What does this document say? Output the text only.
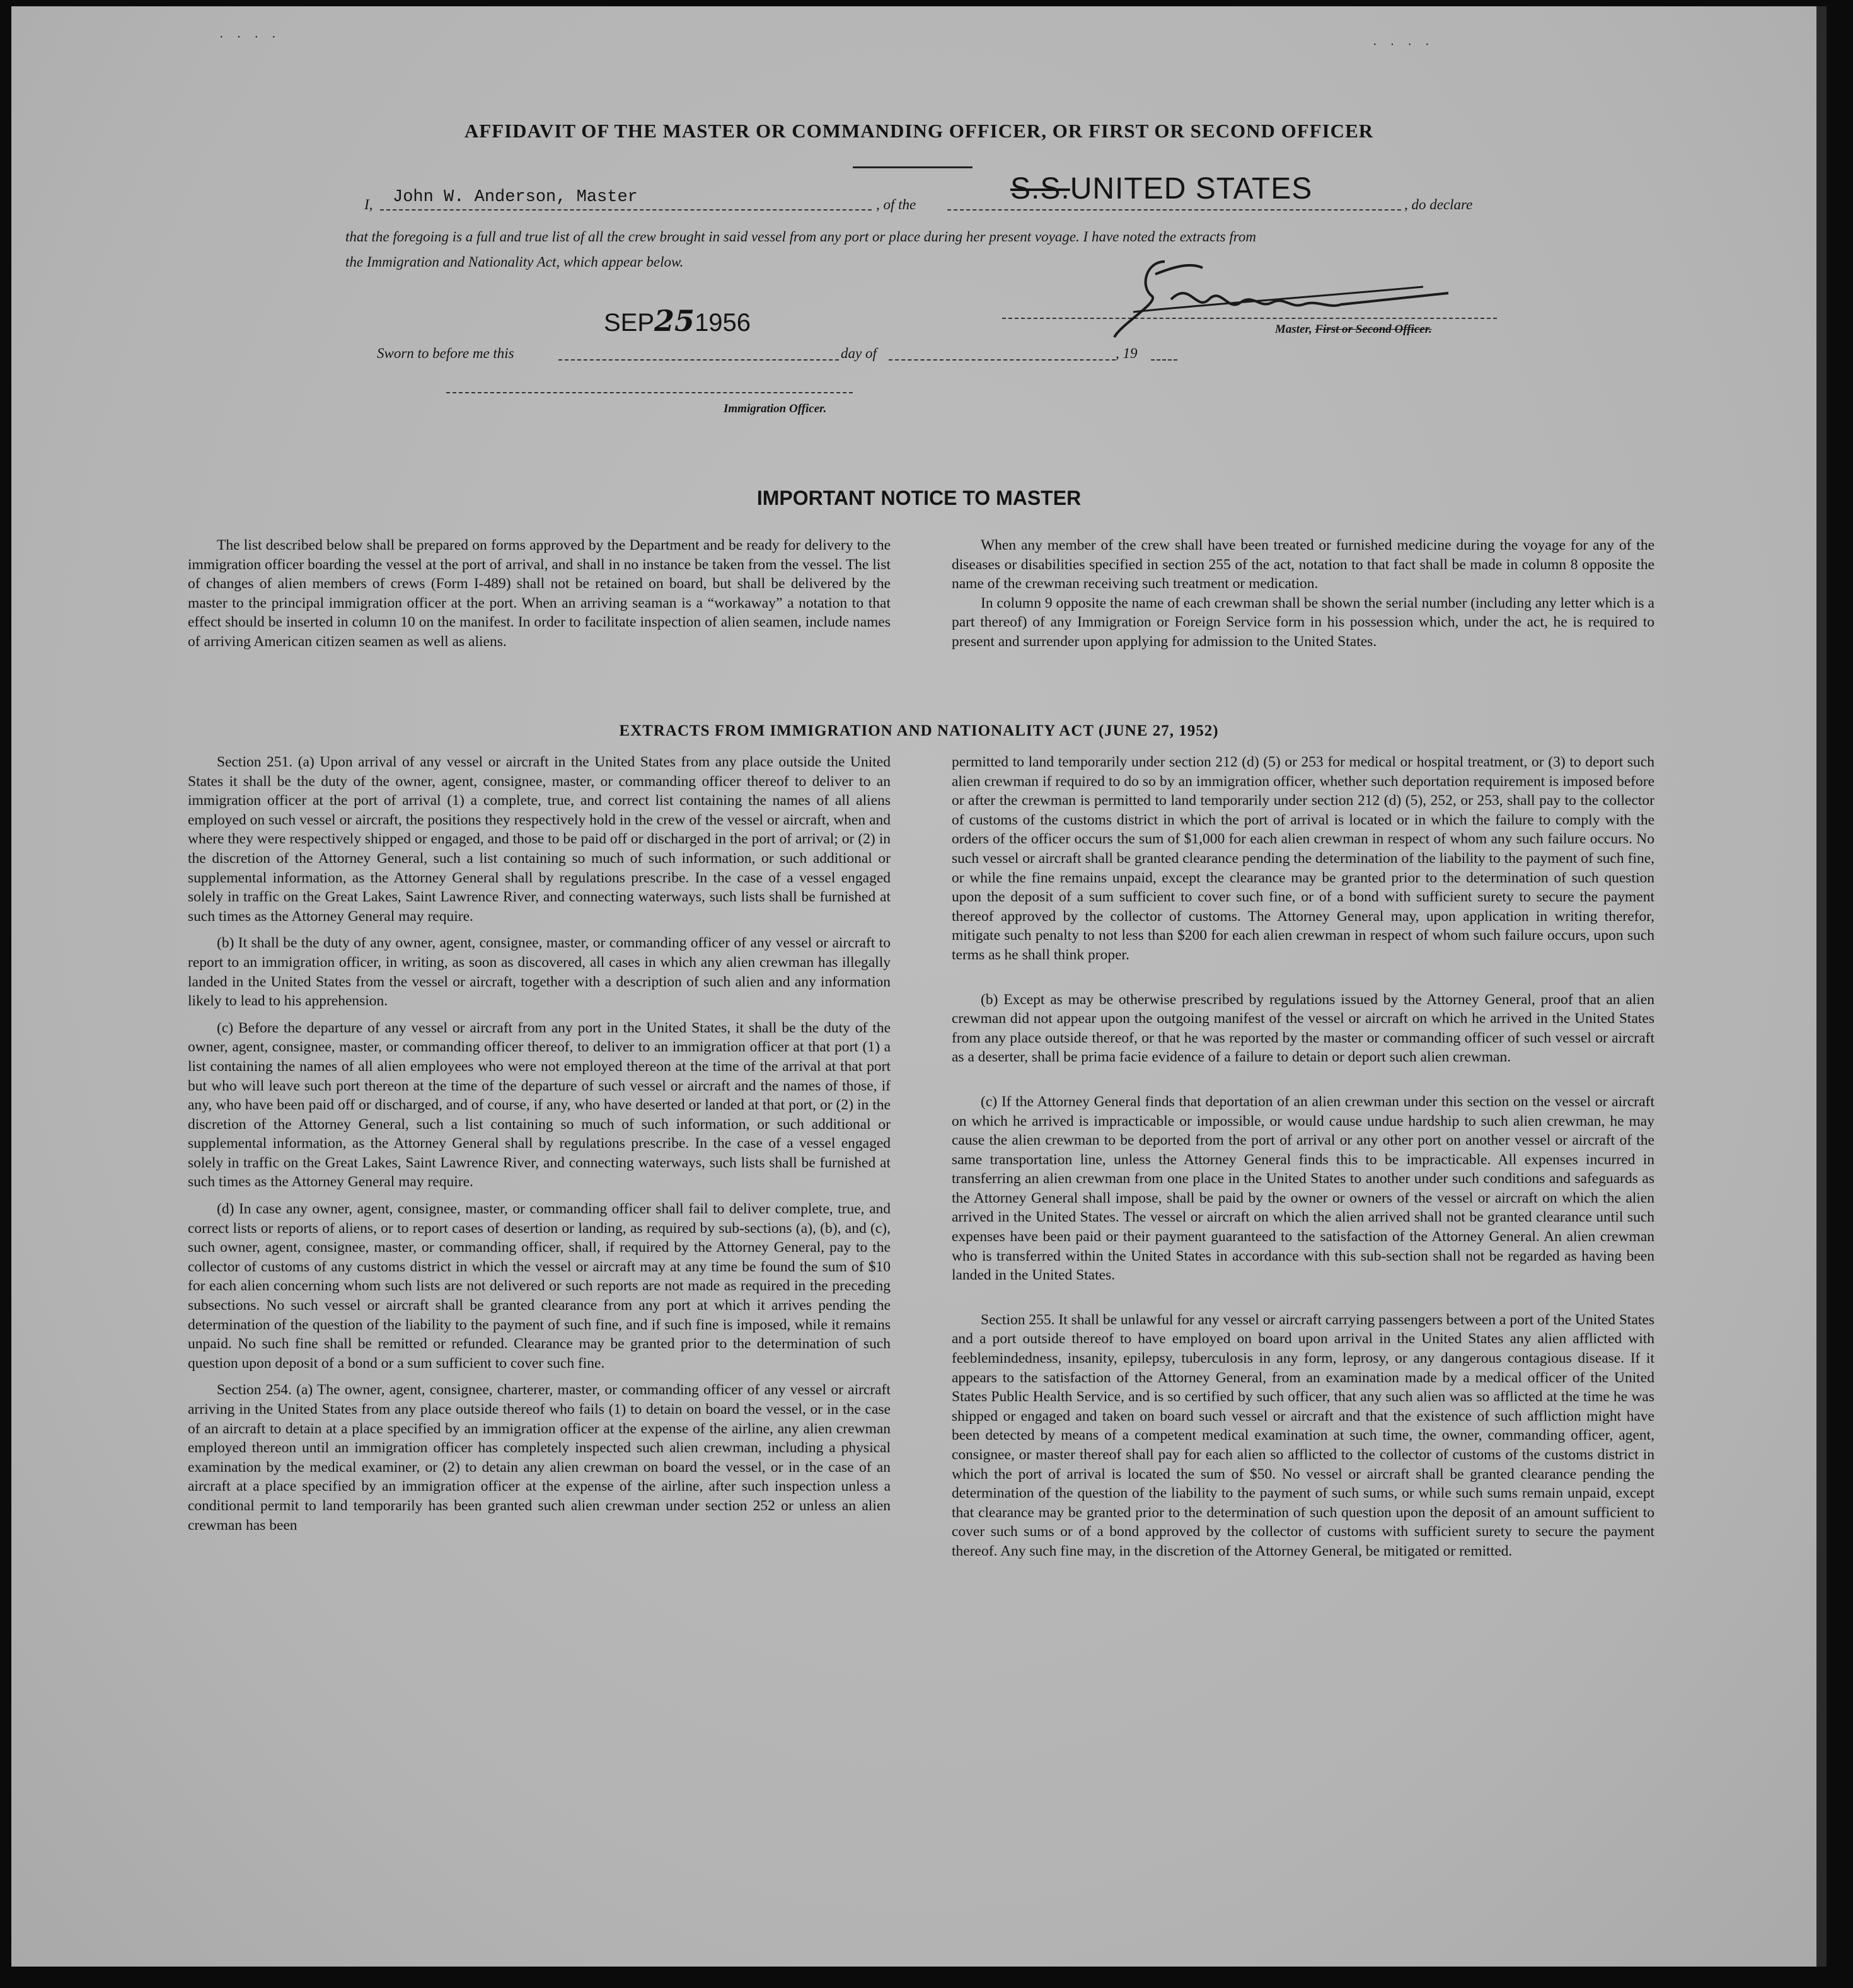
· · · ·
· · · ·
AFFIDAVIT OF THE MASTER OR COMMANDING OFFICER, OR FIRST OR SECOND OFFICER
I, John W. Anderson, Master	, of the	S.S.UNITED STATES	, do declare
that the foregoing is a full and true list of all the crew brought in said vessel from any port or place during her present voyage. I have noted the extracts from
the Immigration and Nationality Act, which appear below.
SEP251956
Sworn to before me this	day of	, 19
Master, First or Second Officer.
Immigration Officer.
IMPORTANT NOTICE TO MASTER

The list described below shall be prepared on forms approved by the Department and be ready for delivery to the immigration officer boarding the vessel at the port of arrival, and shall in no instance be taken from the vessel. The list of changes of alien members of crews (Form I-489) shall not be retained on board, but shall be delivered by the master to the principal immigration officer at the port. When an arriving seaman is a “workaway” a notation to that effect should be inserted in column 10 on the manifest. In order to facilitate inspection of alien seamen, include names of arriving American citizen seamen as well as aliens.

When any member of the crew shall have been treated or furnished medicine during the voyage for any of the diseases or disabilities specified in section 255 of the act, notation to that fact shall be made in column 8 opposite the name of the crewman receiving such treatment or medication.

In column 9 opposite the name of each crewman shall be shown the serial number (including any letter which is a part thereof) of any Immigration or Foreign Service form in his possession which, under the act, he is required to present and surrender upon applying for admission to the United States.

EXTRACTS FROM IMMIGRATION AND NATIONALITY ACT (JUNE 27, 1952)

Section 251. (a) Upon arrival of any vessel or aircraft in the United States from any place outside the United States it shall be the duty of the owner, agent, consignee, master, or commanding officer thereof to deliver to an immigration officer at the port of arrival (1) a complete, true, and correct list containing the names of all aliens employed on such vessel or aircraft, the positions they respectively hold in the crew of the vessel or aircraft, when and where they were respectively shipped or engaged, and those to be paid off or discharged in the port of arrival; or (2) in the discretion of the Attorney General, such a list containing so much of such information, or such additional or supplemental information, as the Attorney General shall by regulations prescribe. In the case of a vessel engaged solely in traffic on the Great Lakes, Saint Lawrence River, and connecting waterways, such lists shall be furnished at such times as the Attorney General may require.

(b) It shall be the duty of any owner, agent, consignee, master, or commanding officer of any vessel or aircraft to report to an immigration officer, in writing, as soon as discovered, all cases in which any alien crewman has illegally landed in the United States from the vessel or aircraft, together with a description of such alien and any information likely to lead to his apprehension.

(c) Before the departure of any vessel or aircraft from any port in the United States, it shall be the duty of the owner, agent, consignee, master, or commanding officer thereof, to deliver to an immigration officer at that port (1) a list containing the names of all alien employees who were not employed thereon at the time of the arrival at that port but who will leave such port thereon at the time of the departure of such vessel or aircraft and the names of those, if any, who have been paid off or discharged, and of course, if any, who have deserted or landed at that port, or (2) in the discretion of the Attorney General, such a list containing so much of such information, or such additional or supplemental information, as the Attorney General shall by regulations prescribe. In the case of a vessel engaged solely in traffic on the Great Lakes, Saint Lawrence River, and connecting waterways, such lists shall be furnished at such times as the Attorney General may require.

(d) In case any owner, agent, consignee, master, or commanding officer shall fail to deliver complete, true, and correct lists or reports of aliens, or to report cases of desertion or landing, as required by sub-sections (a), (b), and (c), such owner, agent, consignee, master, or commanding officer, shall, if required by the Attorney General, pay to the collector of customs of any customs district in which the vessel or aircraft may at any time be found the sum of $10 for each alien concerning whom such lists are not delivered or such reports are not made as required in the preceding subsections. No such vessel or aircraft shall be granted clearance from any port at which it arrives pending the determination of the question of the liability to the payment of such fine, and if such fine is imposed, while it remains unpaid. No such fine shall be remitted or refunded. Clearance may be granted prior to the determination of such question upon deposit of a bond or a sum sufficient to cover such fine.

Section 254. (a) The owner, agent, consignee, charterer, master, or commanding officer of any vessel or aircraft arriving in the United States from any place outside thereof who fails (1) to detain on board the vessel, or in the case of an aircraft to detain at a place specified by an immigration officer at the expense of the airline, any alien crewman employed thereon until an immigration officer has completely inspected such alien crewman, including a physical examination by the medical examiner, or (2) to detain any alien crewman on board the vessel, or in the case of an aircraft at a place specified by an immigration officer at the expense of the airline, after such inspection unless a conditional permit to land temporarily has been granted such alien crewman under section 252 or unless an alien crewman has been

permitted to land temporarily under section 212 (d) (5) or 253 for medical or hospital treatment, or (3) to deport such alien crewman if required to do so by an immigration officer, whether such deportation requirement is imposed before or after the crewman is permitted to land temporarily under section 212 (d) (5), 252, or 253, shall pay to the collector of customs of the customs district in which the port of arrival is located or in which the failure to comply with the orders of the officer occurs the sum of $1,000 for each alien crewman in respect of whom any such failure occurs. No such vessel or aircraft shall be granted clearance pending the determination of the liability to the payment of such fine, or while the fine remains unpaid, except the clearance may be granted prior to the determination of such question upon the deposit of a sum sufficient to cover such fine, or of a bond with sufficient surety to secure the payment thereof approved by the collector of customs. The Attorney General may, upon application in writing therefor, mitigate such penalty to not less than $200 for each alien crewman in respect of whom such failure occurs, upon such terms as he shall think proper.

(b) Except as may be otherwise prescribed by regulations issued by the Attorney General, proof that an alien crewman did not appear upon the outgoing manifest of the vessel or aircraft on which he arrived in the United States from any place outside thereof, or that he was reported by the master or commanding officer of such vessel or aircraft as a deserter, shall be prima facie evidence of a failure to detain or deport such alien crewman.

(c) If the Attorney General finds that deportation of an alien crewman under this section on the vessel or aircraft on which he arrived is impracticable or impossible, or would cause undue hardship to such alien crewman, he may cause the alien crewman to be deported from the port of arrival or any other port on another vessel or aircraft of the same transportation line, unless the Attorney General finds this to be impracticable. All expenses incurred in transferring an alien crewman from one place in the United States to another under such conditions and safeguards as the Attorney General shall impose, shall be paid by the owner or owners of the vessel or aircraft on which the alien arrived in the United States. The vessel or aircraft on which the alien arrived shall not be granted clearance until such expenses have been paid or their payment guaranteed to the satisfaction of the Attorney General. An alien crewman who is transferred within the United States in accordance with this sub-section shall not be regarded as having been landed in the United States.

Section 255. It shall be unlawful for any vessel or aircraft carrying passengers between a port of the United States and a port outside thereof to have employed on board upon arrival in the United States any alien afflicted with feeblemindedness, insanity, epilepsy, tuberculosis in any form, leprosy, or any dangerous contagious disease. If it appears to the satisfaction of the Attorney General, from an examination made by a medical officer of the United States Public Health Service, and is so certified by such officer, that any such alien was so afflicted at the time he was shipped or engaged and taken on board such vessel or aircraft and that the existence of such affliction might have been detected by means of a competent medical examination at such time, the owner, commanding officer, agent, consignee, or master thereof shall pay for each alien so afflicted to the collector of customs of the customs district in which the port of arrival is located the sum of $50. No vessel or aircraft shall be granted clearance pending the determination of the question of the liability to the payment of such sums, or while such sums remain unpaid, except that clearance may be granted prior to the determination of such question upon the deposit of an amount sufficient to cover such sums or of a bond approved by the collector of customs with sufficient surety to secure the payment thereof. Any such fine may, in the discretion of the Attorney General, be mitigated or remitted.
